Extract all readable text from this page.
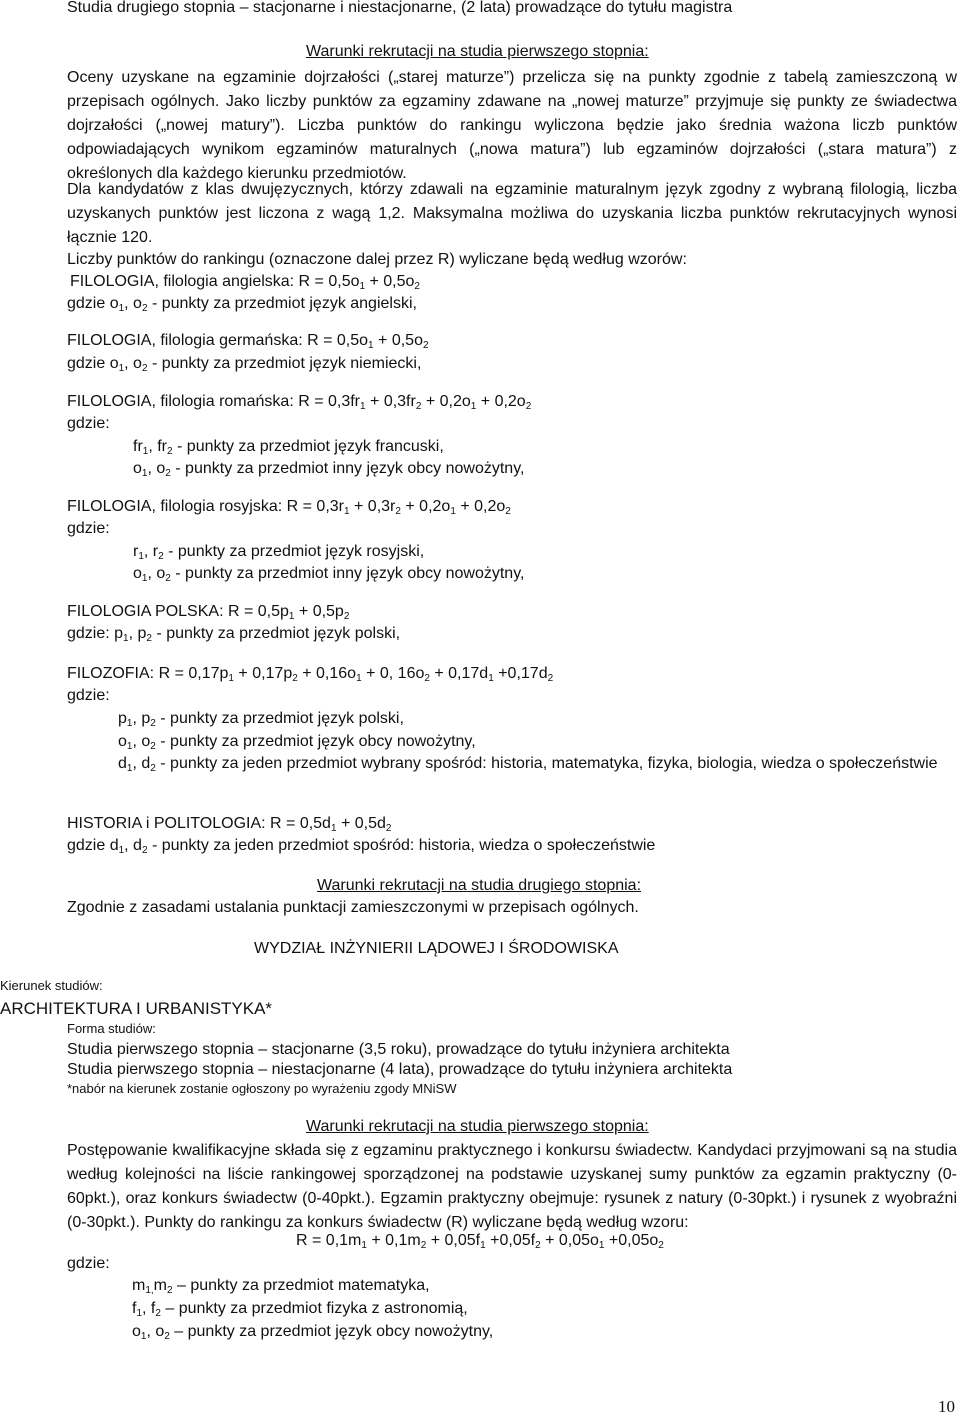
Studia drugiego stopnia – stacjonarne i niestacjonarne, (2 lata) prowadzące do tytułu magistra
Warunki rekrutacji na studia pierwszego stopnia:
Oceny uzyskane na egzaminie dojrzałości („starej maturze”) przelicza się na punkty zgodnie z tabelą zamieszczoną w przepisach ogólnych. Jako liczby punktów za egzaminy zdawane na „nowej maturze” przyjmuje się punkty ze świadectwa dojrzałości („nowej matury”). Liczba punktów do rankingu wyliczona będzie jako średnia ważona liczb punktów odpowiadających wynikom egzaminów maturalnych („nowa matura”) lub egzaminów dojrzałości („stara matura”) z określonych dla każdego kierunku przedmiotów.
Dla kandydatów z klas dwujęzycznych, którzy zdawali na egzaminie maturalnym język zgodny z wybraną filologią, liczba uzyskanych punktów jest liczona z wagą 1,2. Maksymalna możliwa do uzyskania liczba punktów rekrutacyjnych wynosi łącznie 120.
Liczby punktów do rankingu (oznaczone dalej przez R) wyliczane będą według wzorów:
FILOLOGIA, filologia angielska: $R = 0,5o_1 + 0,5o_2$
gdzie $o_1$, $o_2$ - punkty za przedmiot język angielski,
FILOLOGIA, filologia germańska: $R = 0,5o_1 + 0,5o_2$
gdzie $o_1$, $o_2$ - punkty za przedmiot język niemiecki,
FILOLOGIA, filologia romańska: $R = 0,3fr_1 + 0,3fr_2 + 0,2o_1 + 0,2o_2$
gdzie:
$fr_1$, $fr_2$ - punkty za przedmiot język francuski,
$o_1$, $o_2$ - punkty za przedmiot inny język obcy nowożytny,
FILOLOGIA, filologia rosyjska: $R = 0,3r_1 + 0,3r_2 + 0,2o_1 + 0,2o_2$
gdzie:
$r_1$, $r_2$ - punkty za przedmiot język rosyjski,
$o_1$, $o_2$ - punkty za przedmiot inny język obcy nowożytny,
FILOLOGIA POLSKA: $R = 0,5p_1 + 0,5p_2$
gdzie: $p_1$, $p_2$ - punkty za przedmiot język polski,
FILOZOFIA: $R = 0,17p_1 + 0,17p_2 + 0,16o_1 + 0$, $16o_2 + 0,17d_1 +0,17d_2$
gdzie:
$p_1$, $p_2$ - punkty za przedmiot język polski,
$o_1$, $o_2$ - punkty za przedmiot język obcy nowożytny,
$d_1$, $d_2$ - punkty za jeden przedmiot wybrany spośród: historia, matematyka, fizyka, biologia, wiedza o społeczeństwie
HISTORIA i POLITOLOGIA: $R = 0,5d_1 + 0,5d_2$
gdzie $d_1$, $d_2$ - punkty za jeden przedmiot spośród: historia, wiedza o społeczeństwie
Warunki rekrutacji na studia drugiego stopnia:
Zgodnie z zasadami ustalania punktacji zamieszczonymi w przepisach ogólnych.
WYDZIAŁ INŻYNIERII LĄDOWEJ I ŚRODOWISKA
Kierunek studiów:
ARCHITEKTURA I URBANISTYKA*
Forma studiów:
Studia pierwszego stopnia – stacjonarne (3,5 roku), prowadzące do tytułu inżyniera architekta
Studia pierwszego stopnia – niestacjonarne (4 lata), prowadzące do tytułu inżyniera architekta
*nabór na kierunek zostanie ogłoszony po wyrażeniu zgody MNiSW
Warunki rekrutacji na studia pierwszego stopnia:
Postępowanie kwalifikacyjne składa się z egzaminu praktycznego i konkursu świadectw. Kandydaci przyjmowani są na studia według kolejności na liście rankingowej sporządzonej na podstawie uzyskanej sumy punktów za egzamin praktyczny (0-60pkt.), oraz konkurs świadectw (0-40pkt.). Egzamin praktyczny obejmuje: rysunek z natury (0-30pkt.) i rysunek z wyobraźni (0-30pkt.). Punkty do rankingu za konkurs świadectw (R) wyliczane będą według wzoru:
$R = 0,1m_1 + 0,1m_2 + 0,05f_1 +0,05f_2 + 0,05o_1 +0,05o_2$
gdzie:
$m_{1,}m_2$ – punkty za przedmiot matematyka,
$f_1$, $f_2$ – punkty za przedmiot fizyka z astronomią,
$o_1$, $o_2$ – punkty za przedmiot język obcy nowożytny,
10
